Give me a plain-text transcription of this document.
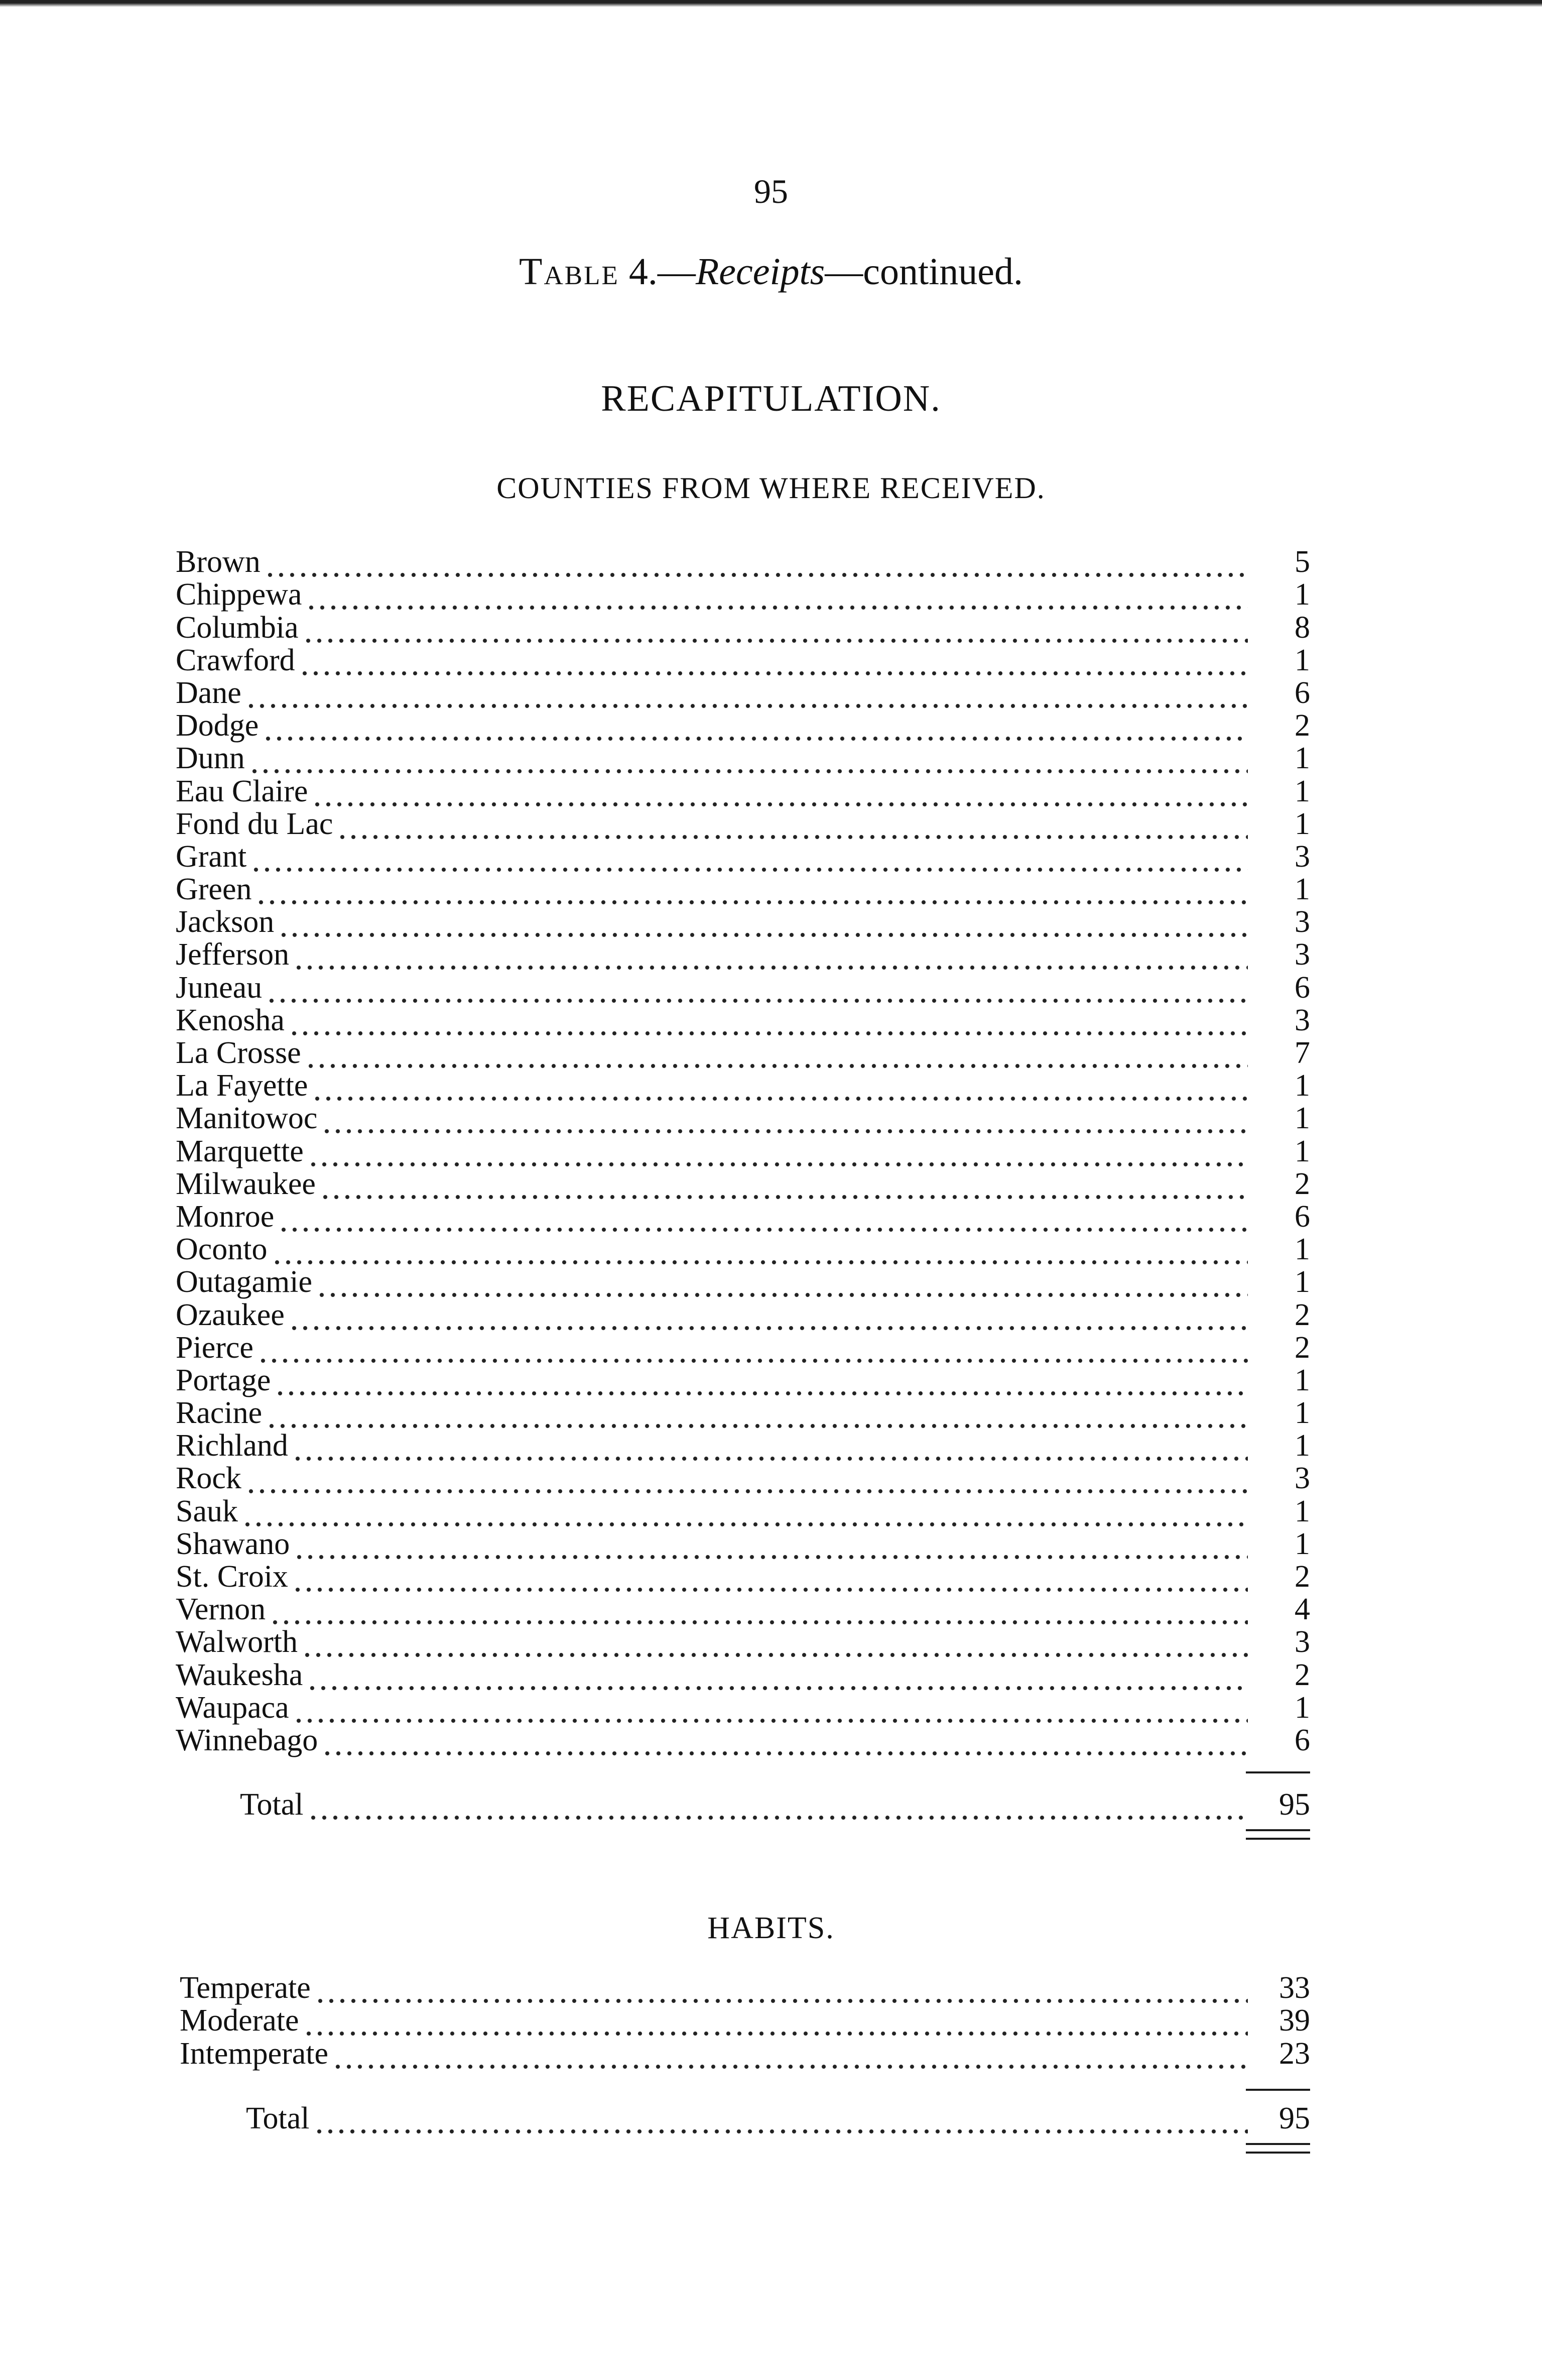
95
Table 4.—Receipts—continued.
RECAPITULATION.
COUNTIES FROM WHERE RECEIVED.
Brown	5
Chippewa	1
Columbia	8
Crawford	1
Dane	6
Dodge	2
Dunn	1
Eau Claire	1
Fond du Lac	1
Grant	3
Green	1
Jackson	3
Jefferson	3
Juneau	6
Kenosha	3
La Crosse	7
La Fayette	1
Manitowoc	1
Marquette	1
Milwaukee	2
Monroe	6
Oconto	1
Outagamie	1
Ozaukee	2
Pierce	2
Portage	1
Racine	1
Richland	1
Rock	3
Sauk	1
Shawano	1
St. Croix	2
Vernon	4
Walworth	3
Waukesha	2
Waupaca	1
Winnebago	6
Total	95
HABITS.
Temperate	33
Moderate	39
Intemperate	23
Total	95
